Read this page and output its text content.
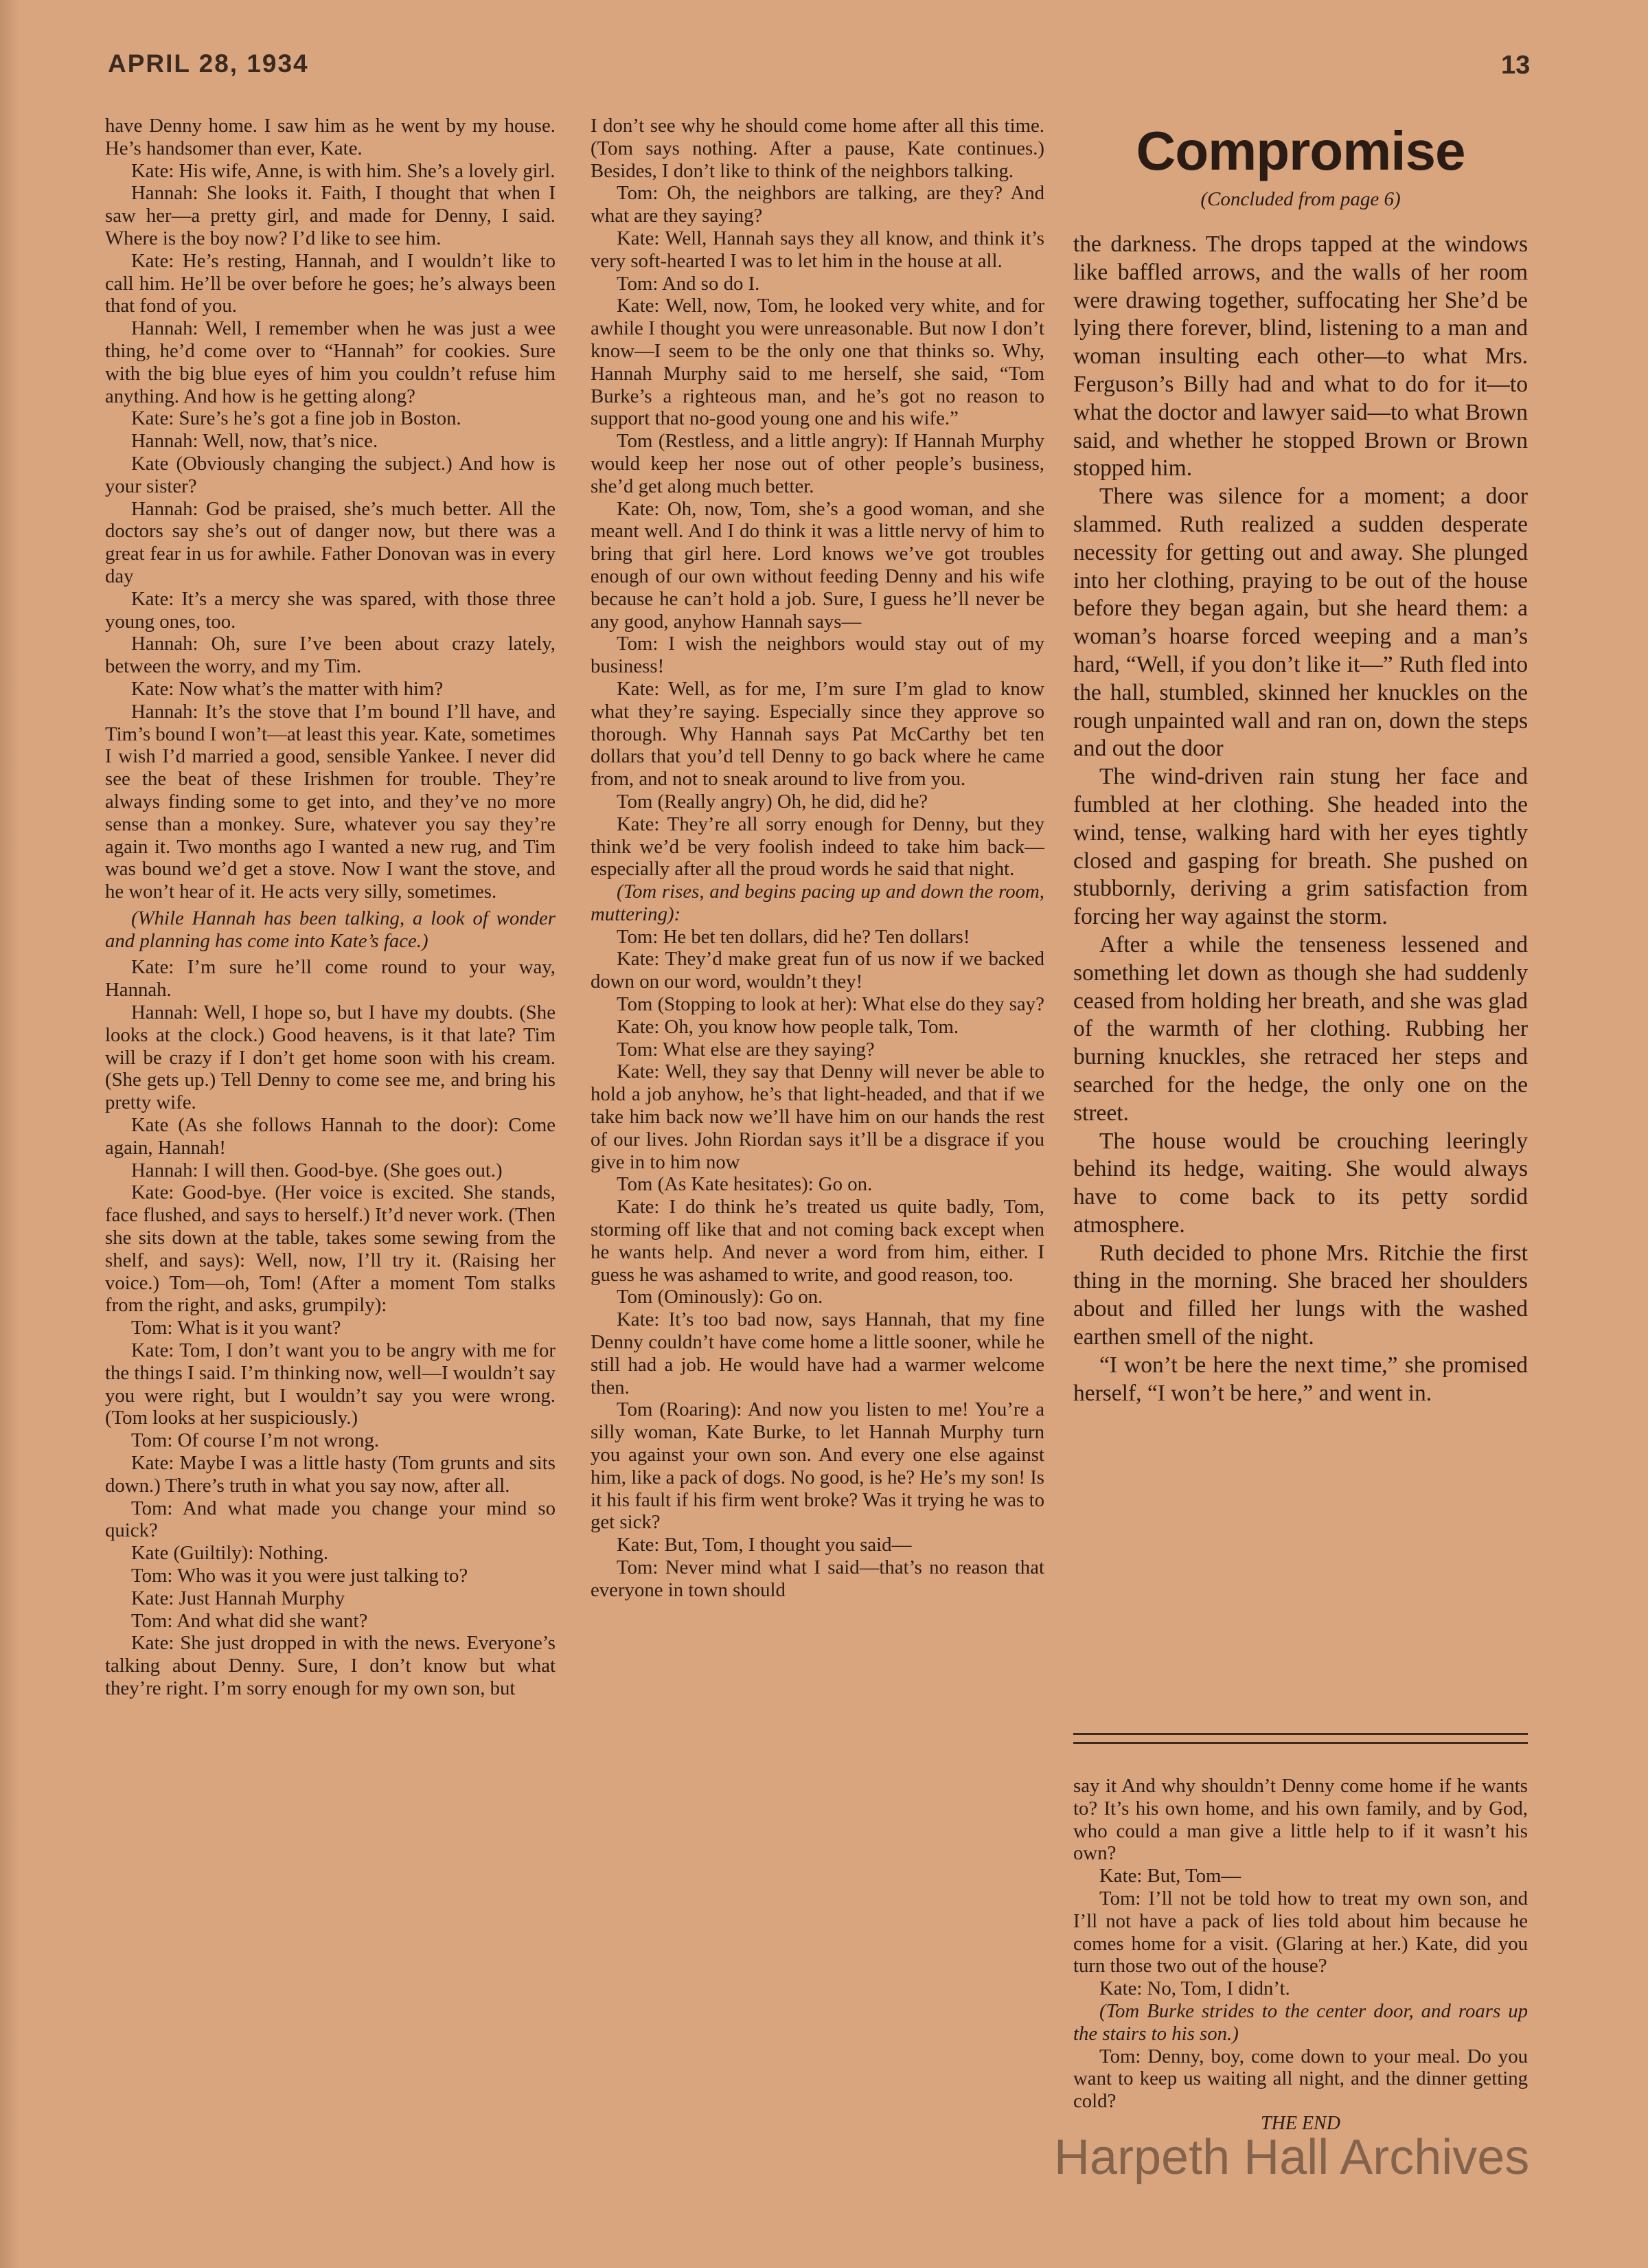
APRIL 28, 1934	13

have Denny home. I saw him as he went by my house. He’s handsomer than ever, Kate.

Kate: His wife, Anne, is with him. She’s a lovely girl.

Hannah: She looks it. Faith, I thought that when I saw her—a pretty girl, and made for Denny, I said. Where is the boy now? I’d like to see him.

Kate: He’s resting, Hannah, and I wouldn’t like to call him. He’ll be over before he goes; he’s always been that fond of you.

Hannah: Well, I remember when he was just a wee thing, he’d come over to “Hannah” for cookies. Sure with the big blue eyes of him you couldn’t refuse him anything. And how is he getting along?

Kate: Sure’s he’s got a fine job in Boston.

Hannah: Well, now, that’s nice.

Kate (Obviously changing the subject.) And how is your sister?

Hannah: God be praised, she’s much better. All the doctors say she’s out of danger now, but there was a great fear in us for awhile. Father Donovan was in every day

Kate: It’s a mercy she was spared, with those three young ones, too.

Hannah: Oh, sure I’ve been about crazy lately, between the worry, and my Tim.

Kate: Now what’s the matter with him?

Hannah: It’s the stove that I’m bound I’ll have, and Tim’s bound I won’t—at least this year. Kate, sometimes I wish I’d married a good, sensible Yankee. I never did see the beat of these Irishmen for trouble. They’re always finding some to get into, and they’ve no more sense than a monkey. Sure, whatever you say they’re again it. Two months ago I wanted a new rug, and Tim was bound we’d get a stove. Now I want the stove, and he won’t hear of it. He acts very silly, sometimes.

(While Hannah has been talking, a look of wonder and planning has come into Kate’s face.)

Kate: I’m sure he’ll come round to your way, Hannah.

Hannah: Well, I hope so, but I have my doubts. (She looks at the clock.) Good heavens, is it that late? Tim will be crazy if I don’t get home soon with his cream. (She gets up.) Tell Denny to come see me, and bring his pretty wife.

Kate (As she follows Hannah to the door): Come again, Hannah!

Hannah: I will then. Good-bye. (She goes out.)

Kate: Good-bye. (Her voice is excited. She stands, face flushed, and says to herself.) It’d never work. (Then she sits down at the table, takes some sewing from the shelf, and says): Well, now, I’ll try it. (Raising her voice.) Tom—oh, Tom! (After a moment Tom stalks from the right, and asks, grumpily):

Tom: What is it you want?

Kate: Tom, I don’t want you to be angry with me for the things I said. I’m thinking now, well—I wouldn’t say you were right, but I wouldn’t say you were wrong. (Tom looks at her suspiciously.)

Tom: Of course I’m not wrong.

Kate: Maybe I was a little hasty (Tom grunts and sits down.) There’s truth in what you say now, after all.

Tom: And what made you change your mind so quick?

Kate (Guiltily): Nothing.

Tom: Who was it you were just talking to?

Kate: Just Hannah Murphy

Tom: And what did she want?

Kate: She just dropped in with the news. Everyone’s talking about Denny. Sure, I don’t know but what they’re right. I’m sorry enough for my own son, but

I don’t see why he should come home after all this time. (Tom says nothing. After a pause, Kate continues.) Besides, I don’t like to think of the neighbors talking.

Tom: Oh, the neighbors are talking, are they? And what are they saying?

Kate: Well, Hannah says they all know, and think it’s very soft-hearted I was to let him in the house at all.

Tom: And so do I.

Kate: Well, now, Tom, he looked very white, and for awhile I thought you were unreasonable. But now I don’t know—I seem to be the only one that thinks so. Why, Hannah Murphy said to me herself, she said, “Tom Burke’s a righteous man, and he’s got no reason to support that no-good young one and his wife.”

Tom (Restless, and a little angry): If Hannah Murphy would keep her nose out of other people’s business, she’d get along much better.

Kate: Oh, now, Tom, she’s a good woman, and she meant well. And I do think it was a little nervy of him to bring that girl here. Lord knows we’ve got troubles enough of our own without feeding Denny and his wife because he can’t hold a job. Sure, I guess he’ll never be any good, anyhow Hannah says—

Tom: I wish the neighbors would stay out of my business!

Kate: Well, as for me, I’m sure I’m glad to know what they’re saying. Especially since they approve so thorough. Why Hannah says Pat McCarthy bet ten dollars that you’d tell Denny to go back where he came from, and not to sneak around to live from you.

Tom (Really angry) Oh, he did, did he?

Kate: They’re all sorry enough for Denny, but they think we’d be very foolish indeed to take him back—especially after all the proud words he said that night.

(Tom rises, and begins pacing up and down the room, muttering):

Tom: He bet ten dollars, did he? Ten dollars!

Kate: They’d make great fun of us now if we backed down on our word, wouldn’t they!

Tom (Stopping to look at her): What else do they say?

Kate: Oh, you know how people talk, Tom.

Tom: What else are they saying?

Kate: Well, they say that Denny will never be able to hold a job anyhow, he’s that light-headed, and that if we take him back now we’ll have him on our hands the rest of our lives. John Riordan says it’ll be a disgrace if you give in to him now

Tom (As Kate hesitates): Go on.

Kate: I do think he’s treated us quite badly, Tom, storming off like that and not coming back except when he wants help. And never a word from him, either. I guess he was ashamed to write, and good reason, too.

Tom (Ominously): Go on.

Kate: It’s too bad now, says Hannah, that my fine Denny couldn’t have come home a little sooner, while he still had a job. He would have had a warmer welcome then.

Tom (Roaring): And now you listen to me! You’re a silly woman, Kate Burke, to let Hannah Murphy turn you against your own son. And every one else against him, like a pack of dogs. No good, is he? He’s my son! Is it his fault if his firm went broke? Was it trying he was to get sick?

Kate: But, Tom, I thought you said—

Tom: Never mind what I said—that’s no reason that everyone in town should

Compromise
(Concluded from page 6)

the darkness. The drops tapped at the windows like baffled arrows, and the walls of her room were drawing together, suffocating her She’d be lying there forever, blind, listening to a man and woman insulting each other—to what Mrs. Ferguson’s Billy had and what to do for it—to what the doctor and lawyer said—to what Brown said, and whether he stopped Brown or Brown stopped him.

There was silence for a moment; a door slammed. Ruth realized a sudden desperate necessity for getting out and away. She plunged into her clothing, praying to be out of the house before they began again, but she heard them: a woman’s hoarse forced weeping and a man’s hard, “Well, if you don’t like it—” Ruth fled into the hall, stumbled, skinned her knuckles on the rough unpainted wall and ran on, down the steps and out the door

The wind-driven rain stung her face and fumbled at her clothing. She headed into the wind, tense, walking hard with her eyes tightly closed and gasping for breath. She pushed on stubbornly, deriving a grim satisfaction from forcing her way against the storm.

After a while the tenseness lessened and something let down as though she had suddenly ceased from holding her breath, and she was glad of the warmth of her clothing. Rubbing her burning knuckles, she retraced her steps and searched for the hedge, the only one on the street.

The house would be crouching leeringly behind its hedge, waiting. She would always have to come back to its petty sordid atmosphere.

Ruth decided to phone Mrs. Ritchie the first thing in the morning. She braced her shoulders about and filled her lungs with the washed earthen smell of the night.

“I won’t be here the next time,” she promised herself, “I won’t be here,” and went in.

say it And why shouldn’t Denny come home if he wants to? It’s his own home, and his own family, and by God, who could a man give a little help to if it wasn’t his own?

Kate: But, Tom—

Tom: I’ll not be told how to treat my own son, and I’ll not have a pack of lies told about him because he comes home for a visit. (Glaring at her.) Kate, did you turn those two out of the house?

Kate: No, Tom, I didn’t.

(Tom Burke strides to the center door, and roars up the stairs to his son.)

Tom: Denny, boy, come down to your meal. Do you want to keep us waiting all night, and the dinner getting cold?

THE END
Harpeth Hall Archives
